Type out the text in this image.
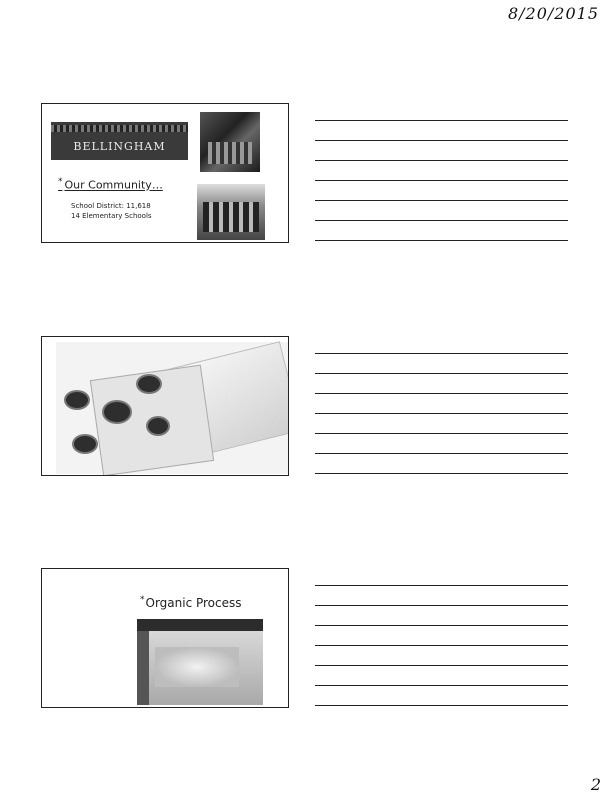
8/20/2015
BELLINGHAM
* Our Community…
School District: 11,618
14 Elementary Schools
*Organic Process
2
